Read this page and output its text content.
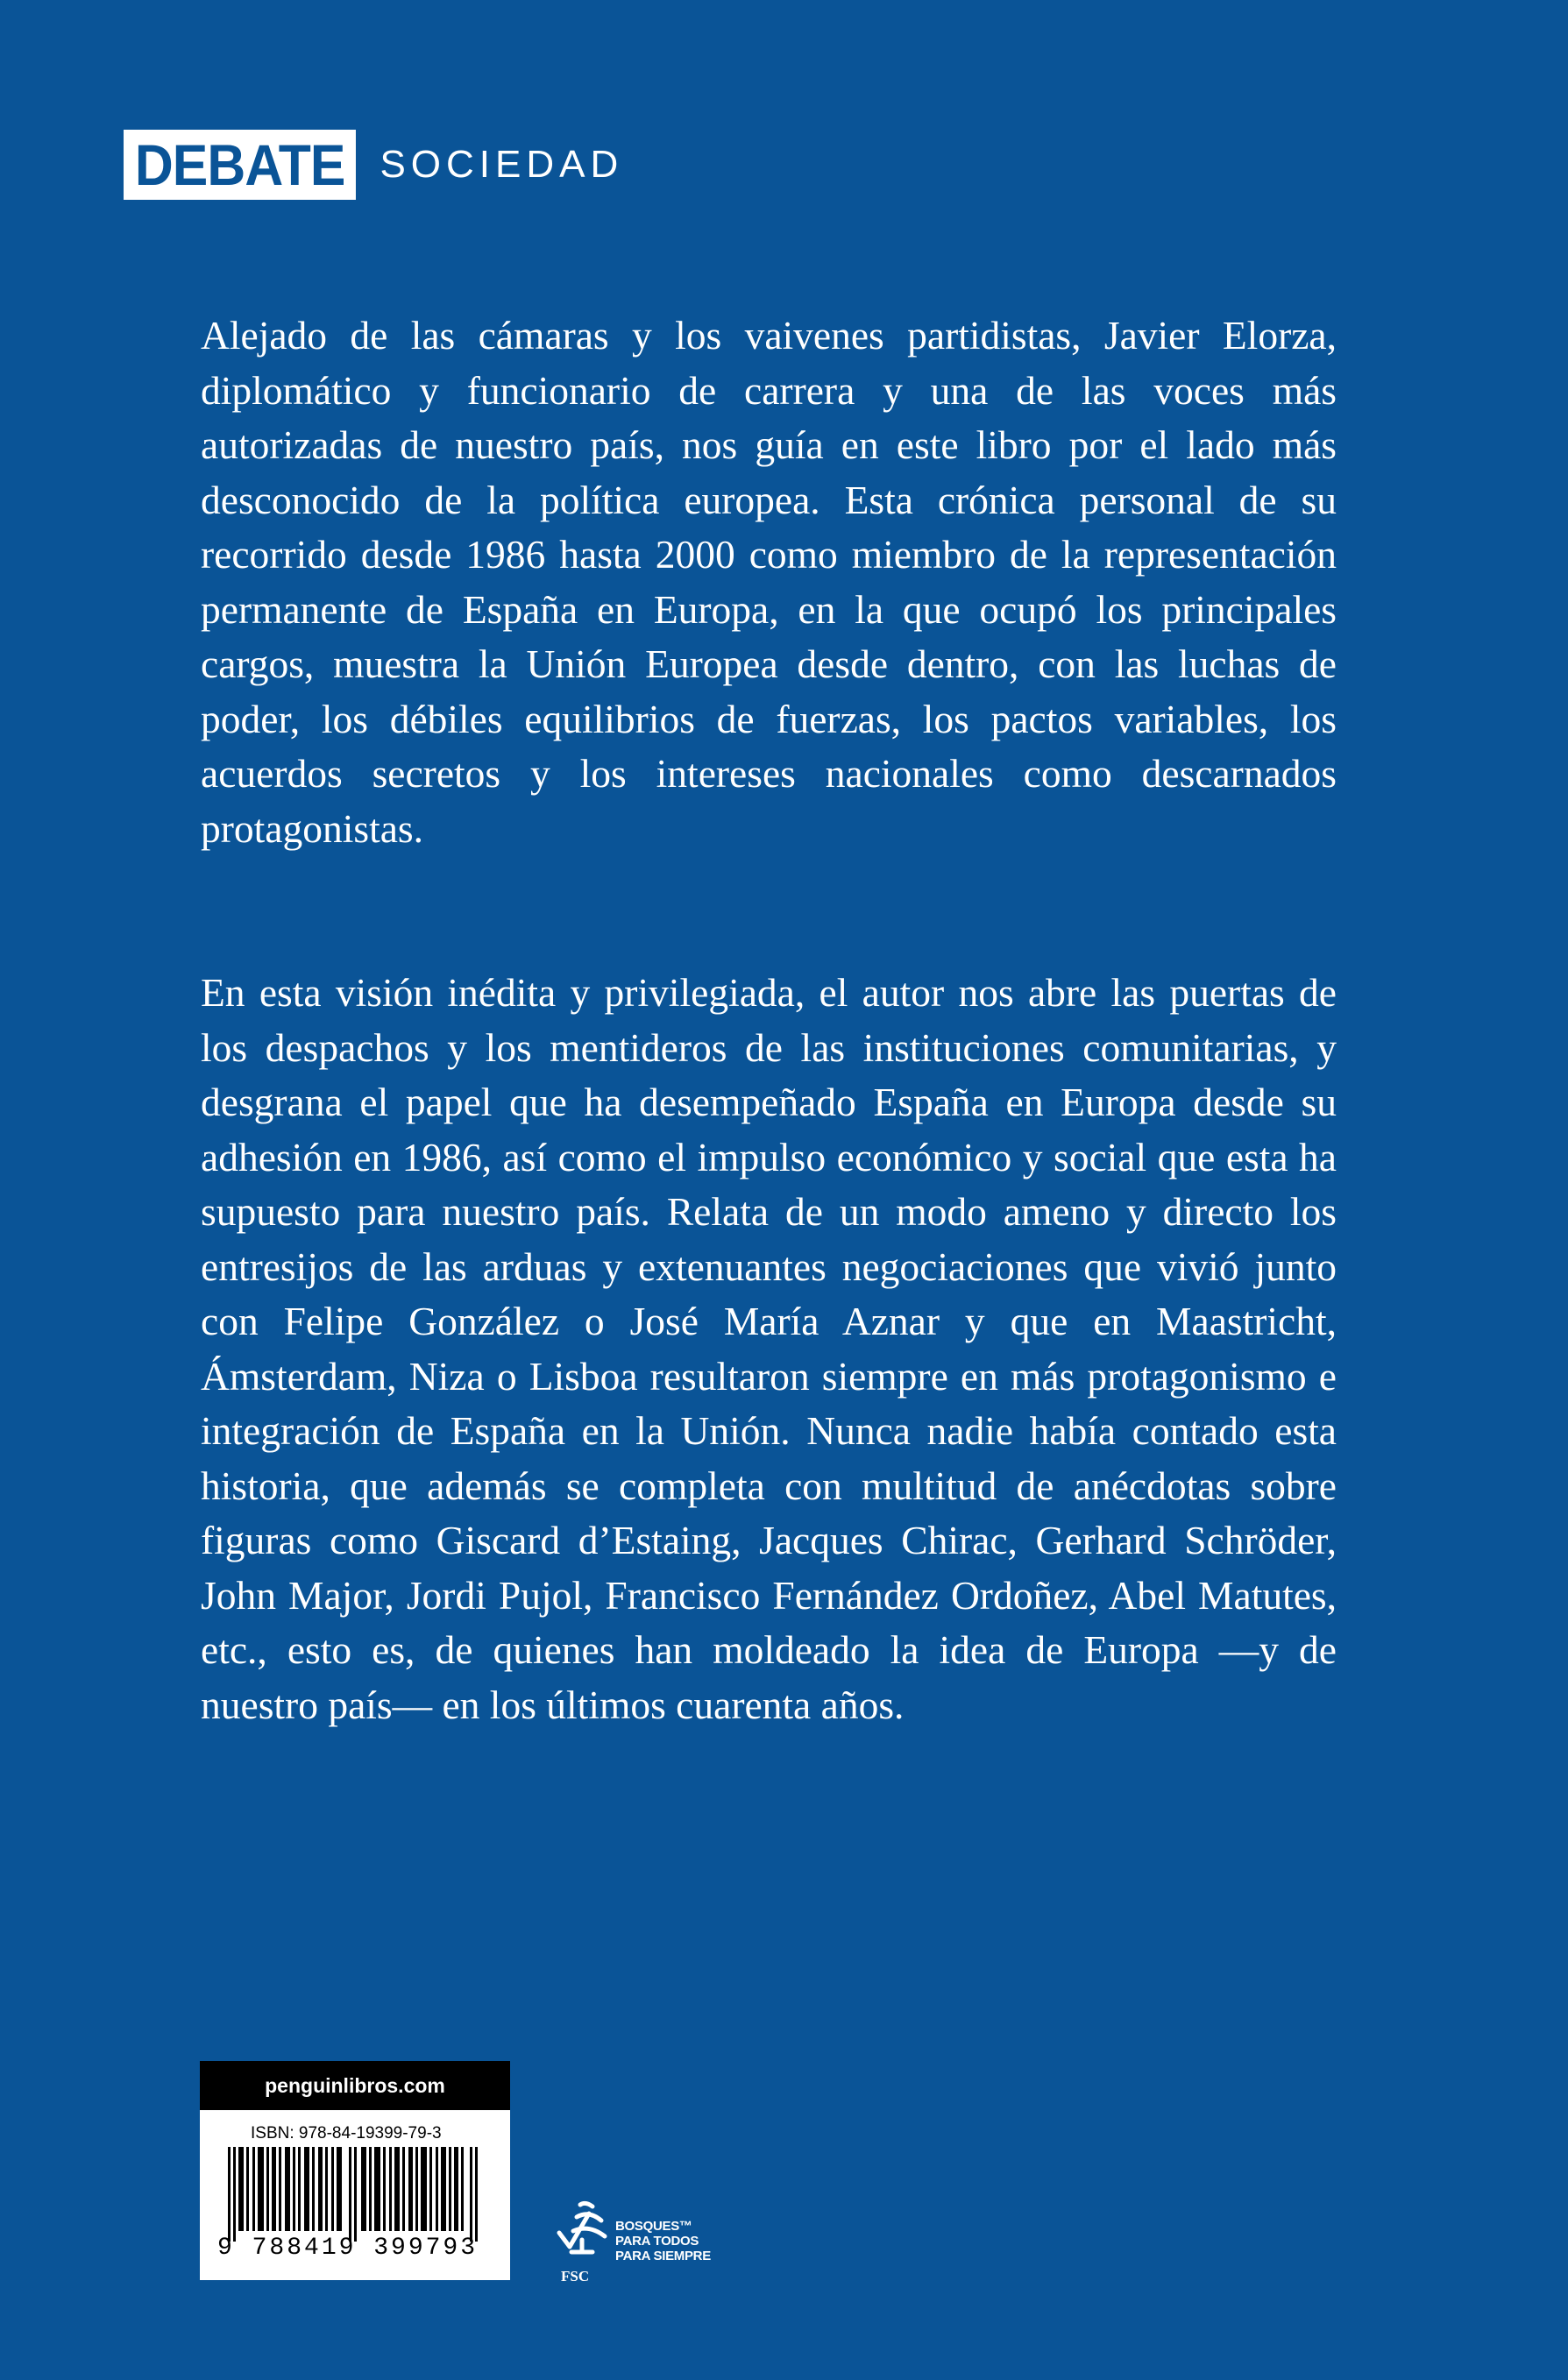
DEBATE SOCIEDAD

Alejado de las cámaras y los vaivenes partidistas, Javier Elorza, diplomático y funcionario de carrera y una de las voces más autorizadas de nuestro país, nos guía en este libro por el lado más desconocido de la política europea. Esta crónica personal de su recorrido desde 1986 hasta 2000 como miembro de la representación permanente de España en Europa, en la que ocupó los principales cargos, muestra la Unión Europea desde dentro, con las luchas de poder, los débiles equilibrios de fuerzas, los pactos variables, los acuerdos secretos y los intereses nacionales como descarnados protagonistas.

En esta visión inédita y privilegiada, el autor nos abre las puertas de los despachos y los mentideros de las instituciones comunitarias, y desgrana el papel que ha desempeñado España en Europa desde su adhesión en 1986, así como el impulso económico y social que esta ha supuesto para nuestro país. Relata de un modo ameno y directo los entresijos de las arduas y extenuantes negociaciones que vivió junto con Felipe González o José María Aznar y que en Maastricht, Ámsterdam, Niza o Lisboa resultaron siempre en más protagonismo e integración de España en la Unión. Nunca nadie había contado esta historia, que además se completa con multitud de anécdotas sobre figuras como Giscard d’Estaing, Jacques Chirac, Gerhard Schröder, John Major, Jordi Pujol, Francisco Fernández Ordoñez, Abel Matutes, etc., esto es, de quienes han moldeado la idea de Europa —y de nuestro país— en los últimos cuarenta años.

penguinlibros.com
ISBN: 978-84-19399-79-3
9 788419 399793
FSC
BOSQUES™
PARA TODOS
PARA SIEMPRE
